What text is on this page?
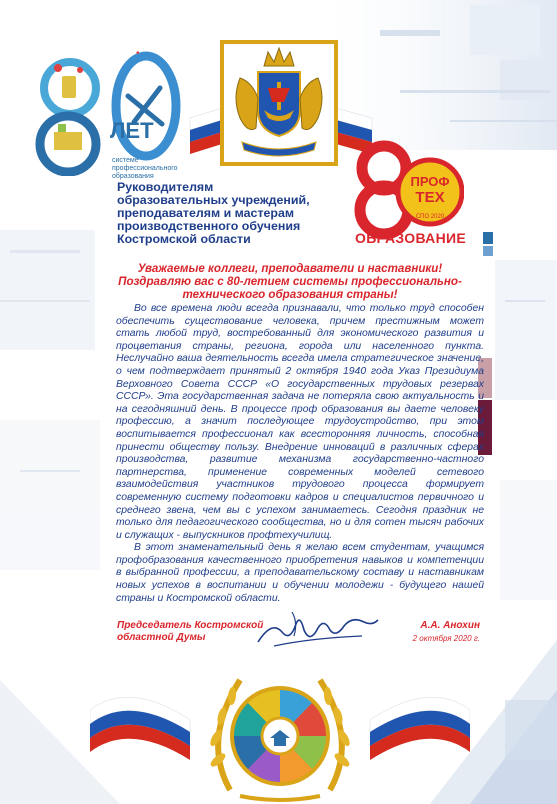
•
ЛЕТ
системе профессионального образования	ПРОФ
ТЕХ
СПО 2020
ОБРАЗОВАНИЕ
Руководителям образовательных учреждений, преподавателям и мастерам производственного обучения Костромской области
Уважаемые коллеги, преподаватели и наставники! Поздравляю вас с 80-летием системы профессионально-технического образования страны!

Во все времена люди всегда признавали, что только труд способен обеспечить существование человека, причем престижным может стать любой труд, востребованный для экономического развития и процветания страны, региона, города или населенного пункта. Неслучайно ваша деятельность всегда имела стратегическое значение, о чем подтверждает принятый 2 октября 1940 года Указ Президиума Верховного Совета СССР «О государственных трудовых резервах СССР». Эта государственная задача не потеряла свою актуальность и на сегодняшний день. В процессе проф образования вы даете человеку профессию, а значит последующее трудоустройство, при этом воспитывается профессионал как всесторонняя личность, способная принести обществу пользу. Внедрение инноваций в различных сферах производства, развитие механизма государственно-частного партнерства, применение современных моделей сетевого взаимодействия участников трудового процесса формирует современную систему подготовки кадров и специалистов первичного и среднего звена, чем вы с успехом занимаетесь. Сегодня праздник не только для педагогического сообщества, но и для сотен тысяч рабочих и служащих - выпускников профтехучилищ.

В этот знаменательный день я желаю всем студентам, учащимся профобразования качественного приобретения навыков и компетенции в выбранной профессии, а преподавательскому составу и наставникам новых успехов в воспитании и обучении молодежи - будущего нашей страны и Костромской области.

Председатель Костромской областной Думы
А.А. Анохин
2 октября 2020 г.
